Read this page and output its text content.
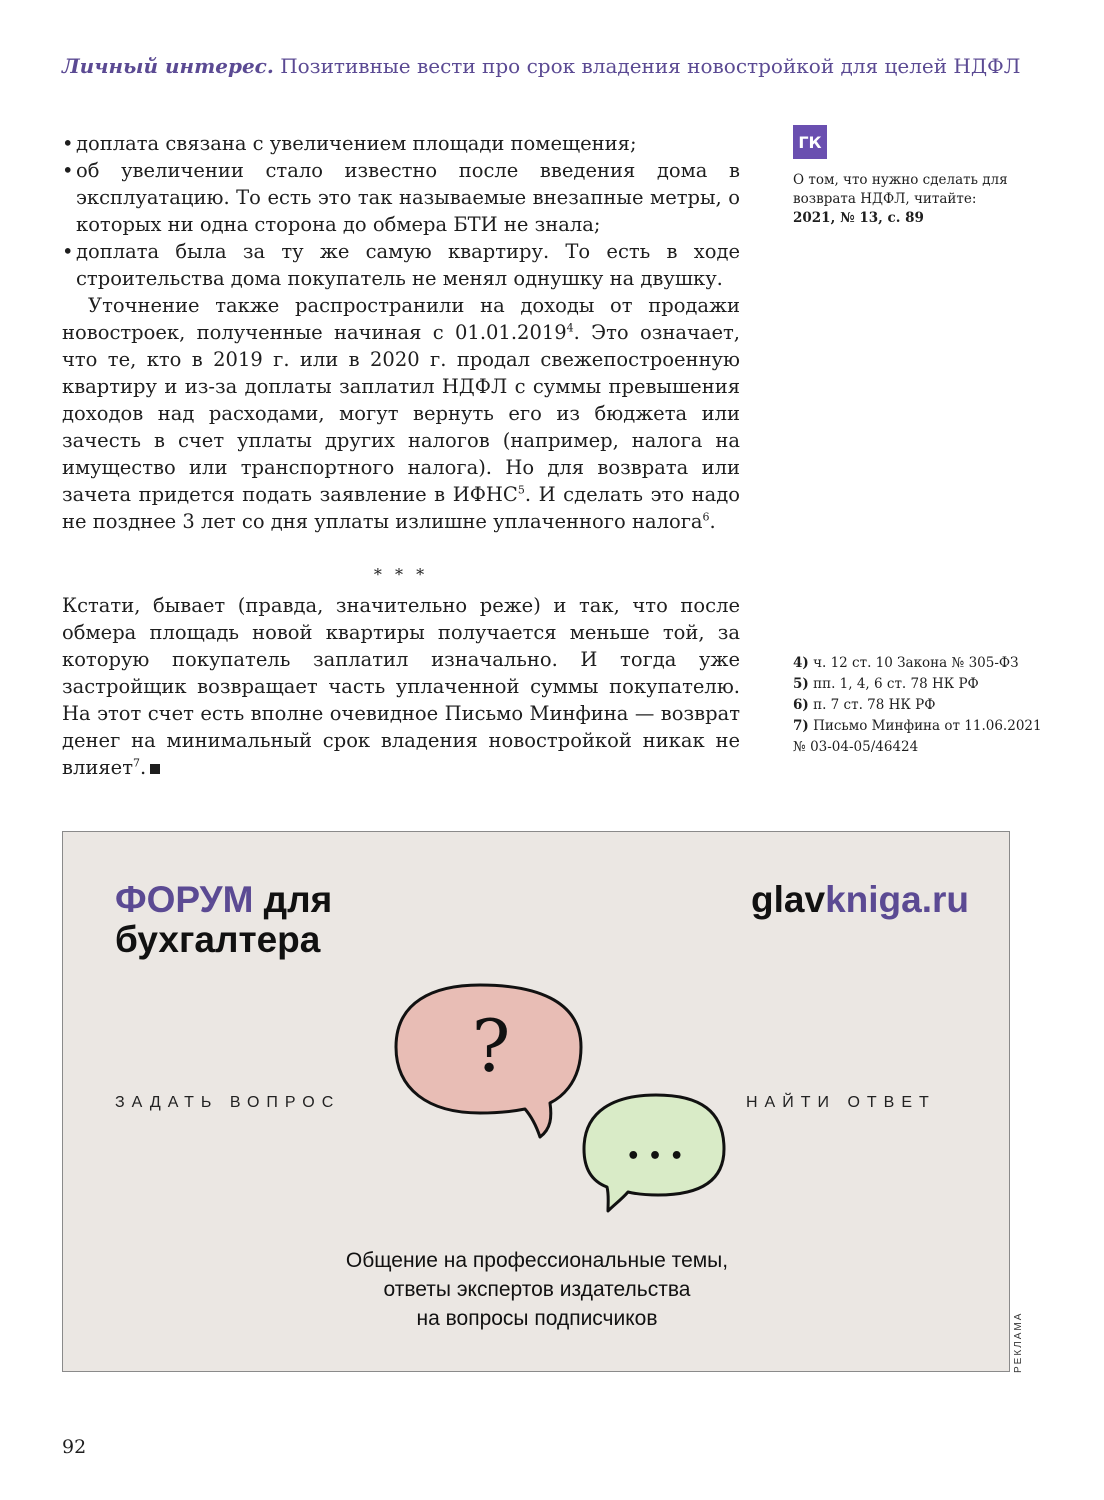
Личный интерес. Позитивные вести про срок владения новостройкой для целей НДФЛ
• доплата связана с увеличением площади помещения;
• об увеличении стало известно после введения дома в эксплуатацию. То есть это так называемые внезапные метры, о которых ни одна сторона до обмера БТИ не знала;
• доплата была за ту же самую квартиру. То есть в ходе строительства дома покупатель не менял однушку на двушку.

Уточнение также распространили на доходы от продажи новостроек, полученные начиная с 01.01.2019$^4$. Это означает, что те, кто в 2019 г. или в 2020 г. продал свежепостроенную квартиру и из-за доплаты заплатил НДФЛ с суммы превышения доходов над расходами, могут вернуть его из бюджета или зачесть в счет уплаты других налогов (например, налога на имущество или транспортного налога). Но для возврата или зачета придется подать заявление в ИФНС$^5$. И сделать это надо не позднее 3 лет со дня уплаты излишне уплаченного налога$^6$.

* * *

Кстати, бывает (правда, значительно реже) и так, что после обмера площадь новой квартиры получается меньше той, за которую покупатель заплатил изначально. И тогда уже застройщик возвращает часть уплаченной суммы покупателю. На этот счет есть вполне очевидное Письмо Минфина — возврат денег на минимальный срок владения новостройкой никак не влияет$^7$.

ГК
О том, что нужно сделать для возврата НДФЛ, читайте:
2021, № 13, с. 89
4) ч. 12 ст. 10 Закона № 305-ФЗ
5) пп. 1, 4, 6 ст. 78 НК РФ
6) п. 7 ст. 78 НК РФ
7) Письмо Минфина от 11.06.2021 № 03-04-05/46424
ФОРУМ для
бухгалтера
glavkniga.ru
ЗАДАТЬ ВОПРОС	НАЙТИ ОТВЕТ
?
• • •
Общение на профессиональные темы,
ответы экспертов издательства
на вопросы подписчиков	РЕКЛАМА
92
